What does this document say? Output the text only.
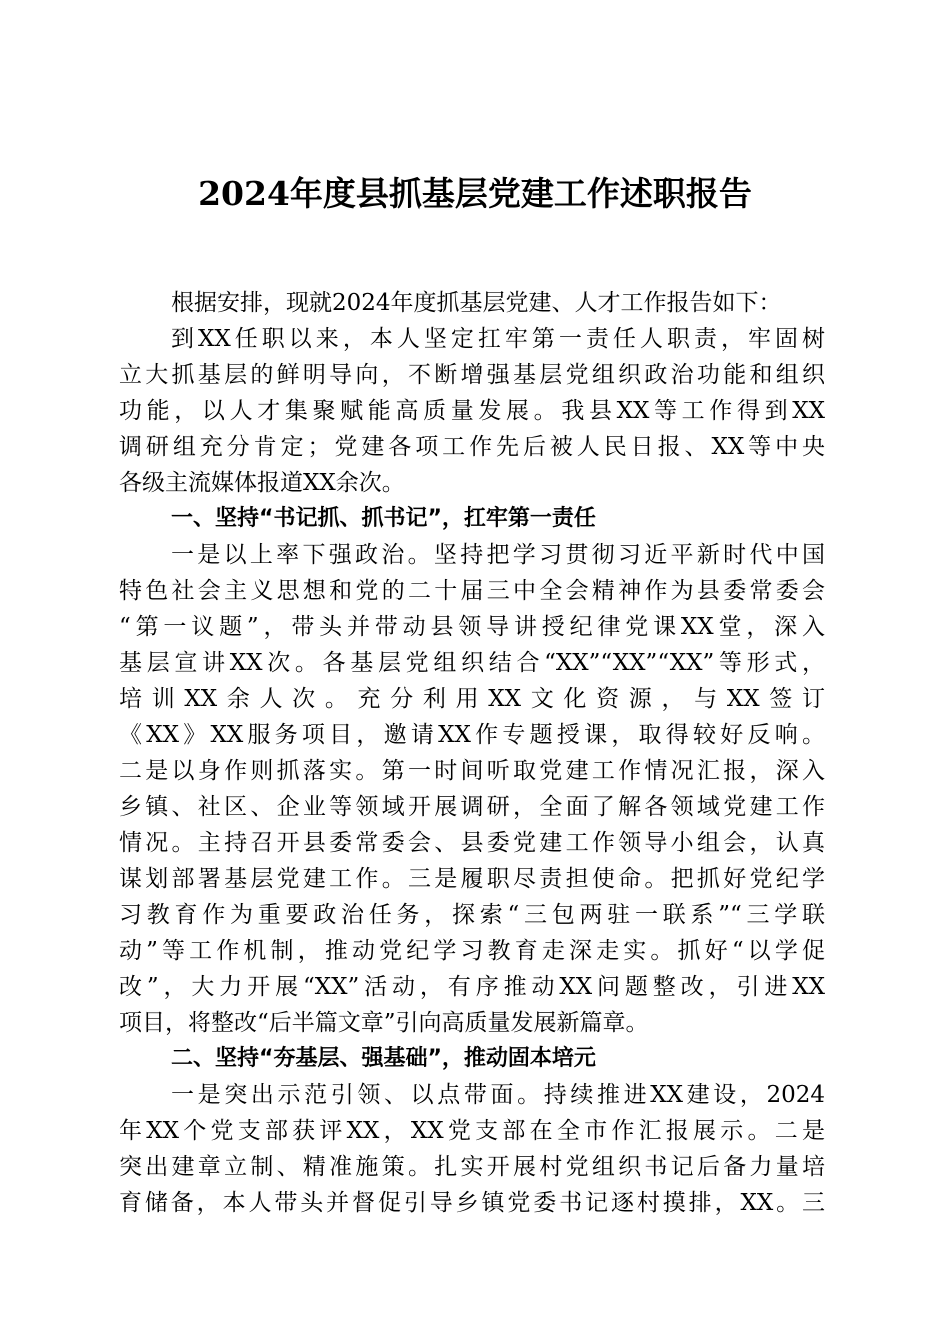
2024年度县抓基层党建工作述职报告
根据安排，现就2024年度抓基层党建、人才工作报告如下：
到XX任职以来，本人坚定扛牢第一责任人职责，牢固树
立大抓基层的鲜明导向，不断增强基层党组织政治功能和组织
功能，以人才集聚赋能高质量发展。我县XX等工作得到XX
调研组充分肯定；党建各项工作先后被人民日报、XX等中央
各级主流媒体报道XX余次。
一、坚持“书记抓、抓书记”，扛牢第一责任
一是以上率下强政治。坚持把学习贯彻习近平新时代中国
特色社会主义思想和党的二十届三中全会精神作为县委常委会
“第一议题”，带头并带动县领导讲授纪律党课XX堂，深入
基层宣讲XX次。各基层党组织结合“XX”“XX”“XX”等形式，
培训XX余人次。充分利用XX文化资源，与XX签订
《XX》XX服务项目，邀请XX作专题授课，取得较好反响。
二是以身作则抓落实。第一时间听取党建工作情况汇报，深入
乡镇、社区、企业等领域开展调研，全面了解各领域党建工作
情况。主持召开县委常委会、县委党建工作领导小组会，认真
谋划部署基层党建工作。三是履职尽责担使命。把抓好党纪学
习教育作为重要政治任务，探索“三包两驻一联系”“三学联
动”等工作机制，推动党纪学习教育走深走实。抓好“以学促
改”，大力开展“XX”活动，有序推动XX问题整改，引进XX
项目，将整改“后半篇文章”引向高质量发展新篇章。
二、坚持“夯基层、强基础”，推动固本培元
一是突出示范引领、以点带面。持续推进XX建设，2024
年XX个党支部获评XX，XX党支部在全市作汇报展示。二是
突出建章立制、精准施策。扎实开展村党组织书记后备力量培
育储备，本人带头并督促引导乡镇党委书记逐村摸排，XX。三
